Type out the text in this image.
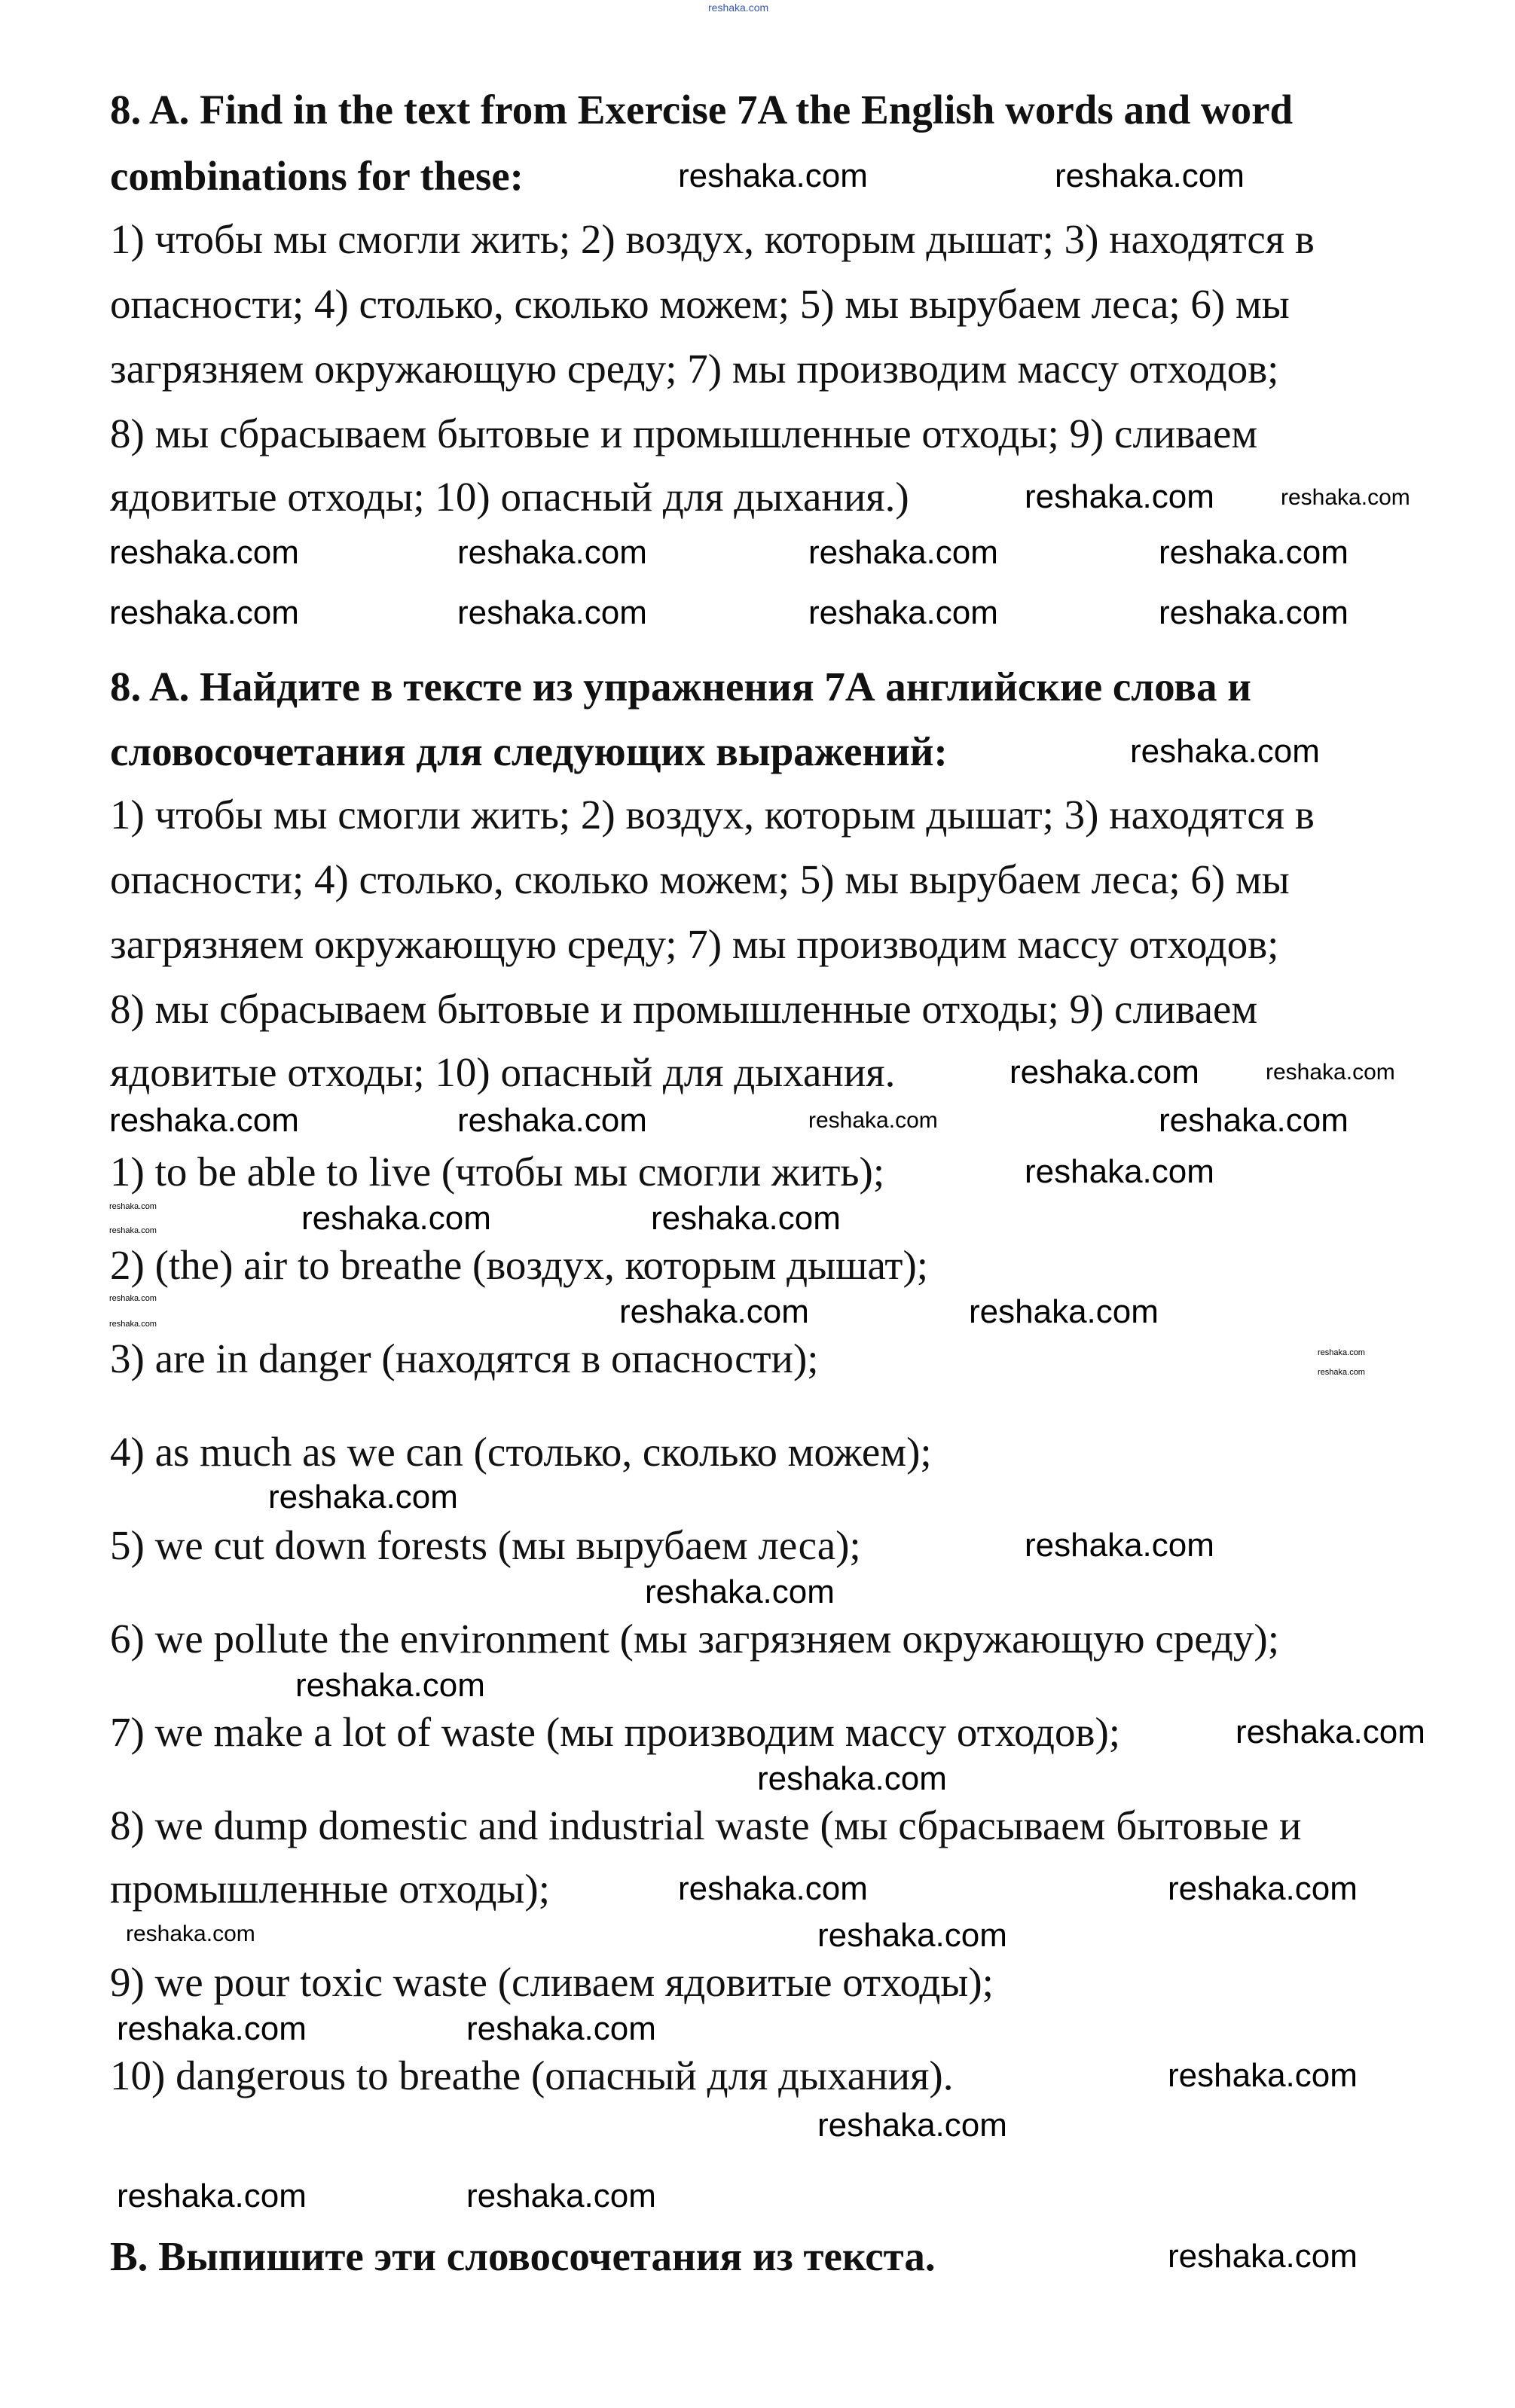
8. A. Find in the text from Exercise 7A the English words and word
combinations for these:
1) чтобы мы смогли жить; 2) воздух, которым дышат; 3) находятся в
опасности; 4) столько, сколько можем; 5) мы вырубаем леса; 6) мы
загрязняем окружающую среду; 7) мы производим массу отходов;
8) мы сбрасываем бытовые и промышленные отходы; 9) сливаем
ядовитые отходы; 10) опасный для дыхания.)
8. A. Найдите в тексте из упражнения 7А английские слова и
словосочетания для следующих выражений:
1) чтобы мы смогли жить; 2) воздух, которым дышат; 3) находятся в
опасности; 4) столько, сколько можем; 5) мы вырубаем леса; 6) мы
загрязняем окружающую среду; 7) мы производим массу отходов;
8) мы сбрасываем бытовые и промышленные отходы; 9) сливаем
ядовитые отходы; 10) опасный для дыхания.
1) to be able to live (чтобы мы смогли жить);
2) (the) air to breathe (воздух, которым дышат);
3) are in danger (находятся в опасности);
4) as much as we can (столько, сколько можем);
5) we cut down forests (мы вырубаем леса);
6) we pollute the environment (мы загрязняем окружающую среду);
7) we make a lot of waste (мы производим массу отходов);
8) we dump domestic and industrial waste (мы сбрасываем бытовые и
промышленные отходы);
9) we pour toxic waste (сливаем ядовитые отходы);
10) dangerous to breathe (опасный для дыхания).
B. Выпишите эти словосочетания из текста.
reshaka.com
reshaka.com	reshaka.com
reshaka.com	reshaka.com
reshaka.com	reshaka.com	reshaka.com	reshaka.com
reshaka.com	reshaka.com	reshaka.com	reshaka.com
reshaka.com
reshaka.com	reshaka.com
reshaka.com	reshaka.com	reshaka.com	reshaka.com
reshaka.com
reshaka.com	reshaka.com
reshaka.com
reshaka.com
reshaka.com
reshaka.com
reshaka.com
reshaka.com
reshaka.com	reshaka.com
reshaka.com
reshaka.com
reshaka.com
reshaka.com
reshaka.com
reshaka.com
reshaka.com
reshaka.com	reshaka.com
reshaka.com
reshaka.com	reshaka.com
reshaka.com
reshaka.com
reshaka.com	reshaka.com
reshaka.com
